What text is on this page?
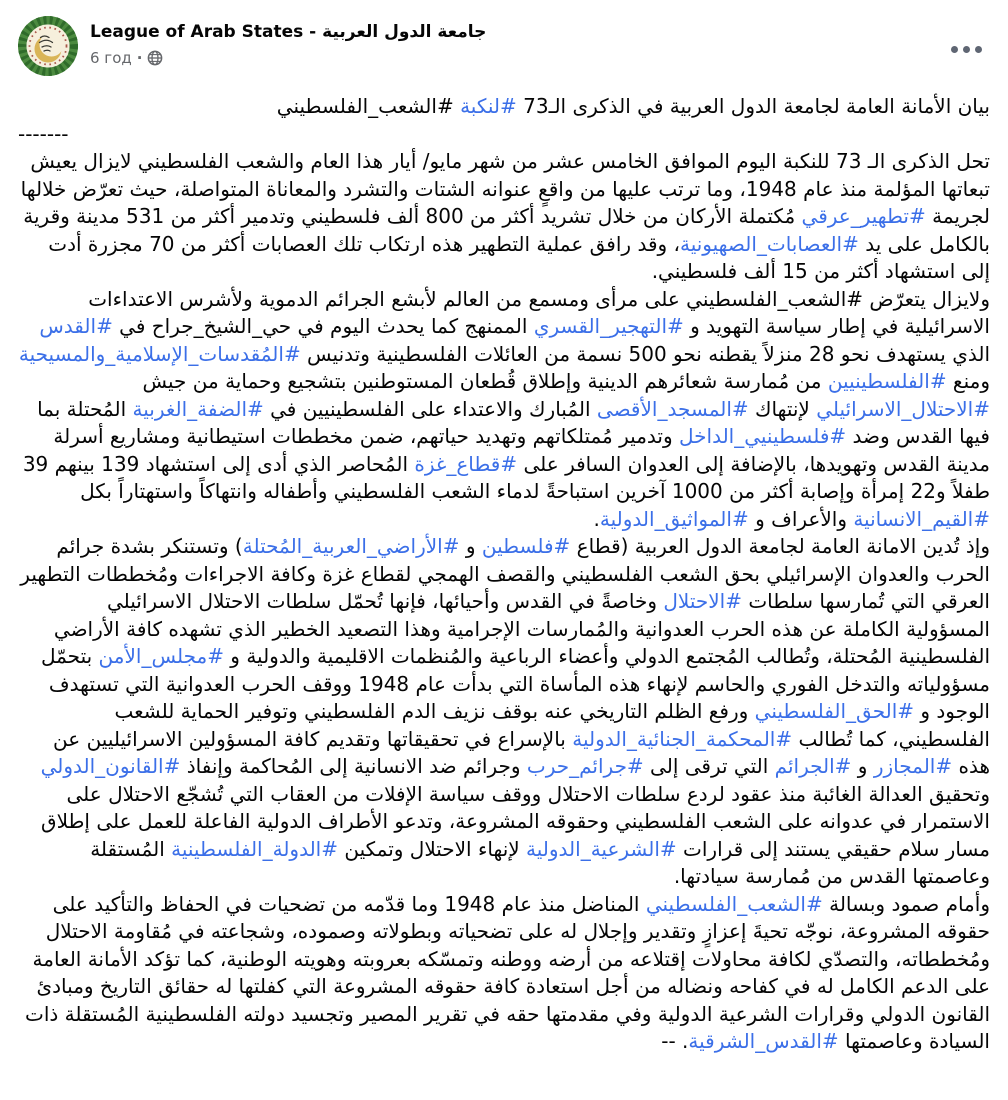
League of Arab States - جامعة الدول العربية
6 год ·
بيان الأمانة العامة لجامعة الدول العربية في الذكرى الـ73 #لنكبة #الشعب_الفلسطيني
-------
تحل الذكرى الـ 73 للنكبة اليوم الموافق الخامس عشر من شهر مايو/ أيار هذا العام والشعب الفلسطيني لايزال يعيش تبعاتها المؤلمة منذ عام 1948، وما ترتب عليها من واقعٍ عنوانه الشتات والتشرد والمعاناة المتواصلة، حيث تعرّض خلالها لجريمة #تطهير_عرقي مُكتملة الأركان من خلال تشريد أكثر من 800 ألف فلسطيني وتدمير أكثر من 531 مدينة وقرية بالكامل على يد #العصابات_الصهيونية، وقد رافق عملية التطهير هذه ارتكاب تلك العصابات أكثر من 70 مجزرة أدت إلى استشهاد أكثر من 15 ألف فلسطيني.
ولايزال يتعرّض #الشعب_الفلسطيني على مرأى ومسمع من العالم لأبشع الجرائم الدموية ولأشرس الاعتداءات الاسرائيلية في إطار سياسة التهويد و #التهجير_القسري الممنهج كما يحدث اليوم في حي_الشيخ_جراح في #القدس الذي يستهدف نحو 28 منزلاً يقطنه نحو 500 نسمة من العائلات الفلسطينية وتدنيس #المُقدسات_الإسلامية_والمسيحية ومنع #الفلسطينيين من مُمارسة شعائرهم الدينية وإطلاق قُطعان المستوطنين بتشجيع وحماية من جيش #الاحتلال_الاسرائيلي لإنتهاك #المسجد_الأقصى المُبارك والاعتداء على الفلسطينيين في #الضفة_الغربية المُحتلة بما فيها القدس وضد #فلسطينيي_الداخل وتدمير مُمتلكاتهم وتهديد حياتهم، ضمن مخططات استيطانية ومشاريع أسرلة مدينة القدس وتهويدها، بالإضافة إلى العدوان السافر على #قطاع_غزة المُحاصر الذي أدى إلى استشهاد 139 بينهم 39 طفلاً و22 إمرأة وإصابة أكثر من 1000 آخرين استباحةً لدماء الشعب الفلسطيني وأطفاله وانتهاكاً واستهتاراً بكل #القيم_الانسانية والأعراف و #المواثيق_الدولية.
وإذ تُدين الامانة العامة لجامعة الدول العربية (قطاع #فلسطين و #الأراضي_العربية_المُحتلة) وتستنكر بشدة جرائم الحرب والعدوان الإسرائيلي بحق الشعب الفلسطيني والقصف الهمجي لقطاع غزة وكافة الاجراءات ومُخططات التطهير العرقي التي تُمارسها سلطات #الاحتلال وخاصةً في القدس وأحيائها، فإنها تُحمّل سلطات الاحتلال الاسرائيلي المسؤولية الكاملة عن هذه الحرب العدوانية والمُمارسات الإجرامية وهذا التصعيد الخطير الذي تشهده كافة الأراضي الفلسطينية المُحتلة، وتُطالب المُجتمع الدولي وأعضاء الرباعية والمُنظمات الاقليمية والدولية و #مجلس_الأمن بتحمّل مسؤولياته والتدخل الفوري والحاسم لإنهاء هذه المأساة التي بدأت عام 1948 ووقف الحرب العدوانية التي تستهدف الوجود و #الحق_الفلسطيني ورفع الظلم التاريخي عنه بوقف نزيف الدم الفلسطيني وتوفير الحماية للشعب الفلسطيني، كما تُطالب #المحكمة_الجنائية_الدولية بالإسراع في تحقيقاتها وتقديم كافة المسؤولين الاسرائيليين عن هذه #المجازر و #الجرائم التي ترقى إلى #جرائم_حرب وجرائم ضد الانسانية إلى المُحاكمة وإنفاذ #القانون_الدولي وتحقيق العدالة الغائبة منذ عقود لردع سلطات الاحتلال ووقف سياسة الإفلات من العقاب التي تُشجّع الاحتلال على الاستمرار في عدوانه على الشعب الفلسطيني وحقوقه المشروعة، وتدعو الأطراف الدولية الفاعلة للعمل على إطلاق مسار سلام حقيقي يستند إلى قرارات #الشرعية_الدولية لإنهاء الاحتلال وتمكين #الدولة_الفلسطينية المُستقلة وعاصمتها القدس من مُمارسة سيادتها.
وأمام صمود وبسالة #الشعب_الفلسطيني المناضل منذ عام 1948 وما قدّمه من تضحيات في الحفاظ والتأكيد على حقوقه المشروعة، نوجّه تحيةَ إعزازٍ وتقدير وإجلال له على تضحياته وبطولاته وصموده، وشجاعته في مُقاومة الاحتلال ومُخططاته، والتصدّي لكافة محاولات إقتلاعه من أرضه ووطنه وتمسّكه بعروبته وهويته الوطنية، كما تؤكد الأمانة العامة على الدعم الكامل له في كفاحه ونضاله من أجل استعادة كافة حقوقه المشروعة التي كفلتها له حقائق التاريخ ومبادئ القانون الدولي وقرارات الشرعية الدولية وفي مقدمتها حقه في تقرير المصير وتجسيد دولته الفلسطينية المُستقلة ذات السيادة وعاصمتها #القدس_الشرقية. --
